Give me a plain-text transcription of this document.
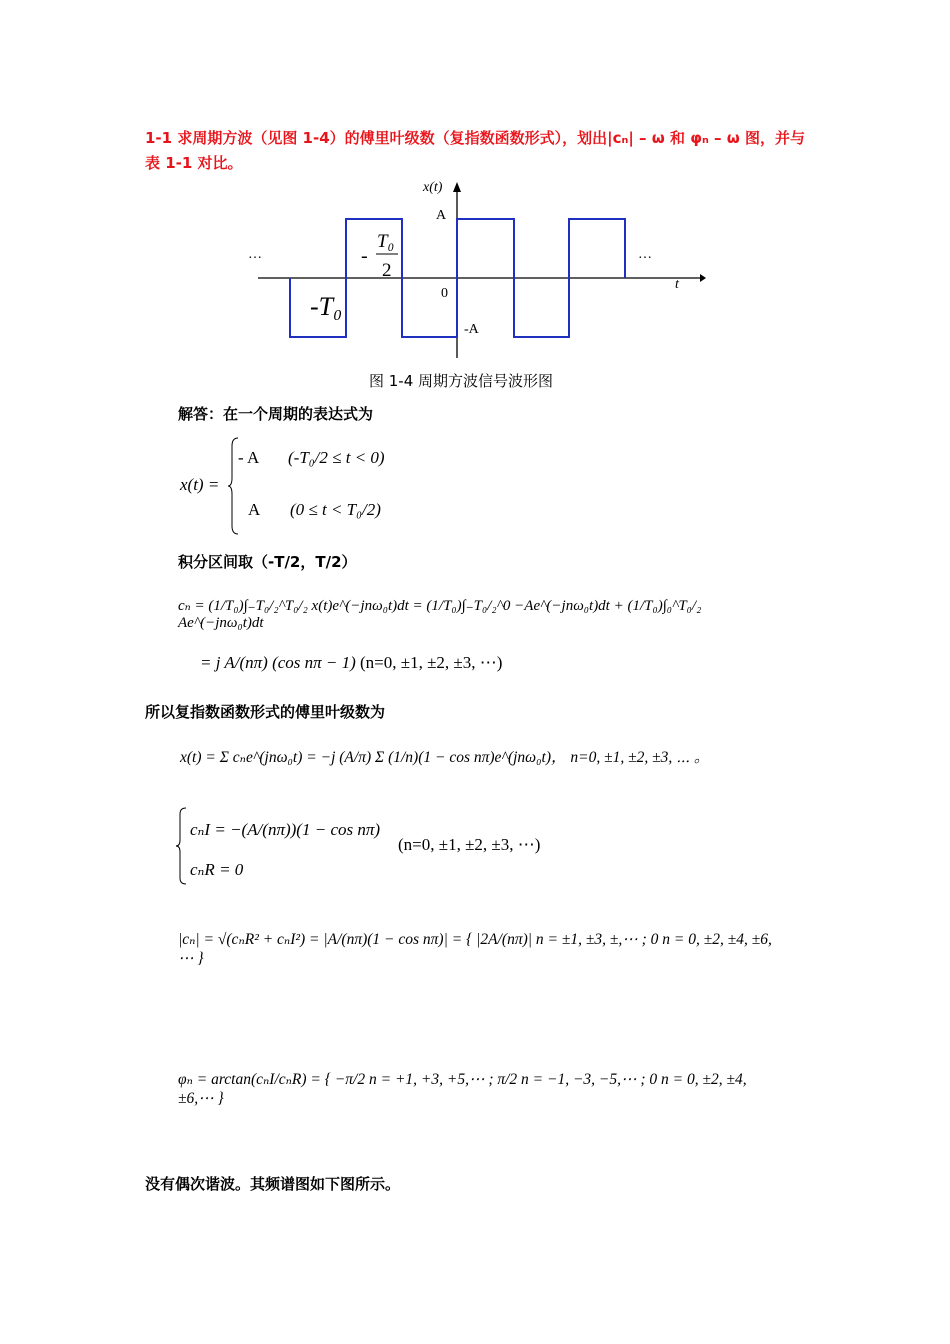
1-1 求周期方波（见图 1-4）的傅里叶级数（复指数函数形式），划出|cₙ| – ω 和 φₙ – ω 图，并与
表 1-1 对比。
x(t)
A
-A
0
t
…	…
-T₀
-
T₀
2
图 1-4 周期方波信号波形图
解答：在一个周期的表达式为
x(t) =
- A (-T₀/2 ≤ t < 0)
A (0 ≤ t < T₀/2)
积分区间取（-T/2，T/2）
cₙ = (1/T₀)∫₋T₀/₂^T₀/₂ x(t)e^(−jnω₀t)dt = (1/T₀)∫₋T₀/₂^0 −Ae^(−jnω₀t)dt + (1/T₀)∫₀^T₀/₂ Ae^(−jnω₀t)dt
= j A/(nπ) (cos nπ − 1) (n=0, ±1, ±2, ±3, ⋯)
所以复指数函数形式的傅里叶级数为
x(t) = Σ cₙe^(jnω₀t) = −j (A/π) Σ (1/n)(1 − cos nπ)e^(jnω₀t)， n=0, ±1, ±2, ±3, ⋯ 。
cₙI = −(A/(nπ))(1 − cos nπ)
(n=0, ±1, ±2, ±3, ⋯)
cₙR = 0
|cₙ| = √(cₙR² + cₙI²) = |A/(nπ)(1 − cos nπ)| = { |2A/(nπ)| n = ±1, ±3, ±,⋯ ; 0 n = 0, ±2, ±4, ±6, ⋯ }
φₙ = arctan(cₙI/cₙR) = { −π/2 n = +1, +3, +5,⋯ ; π/2 n = −1, −3, −5,⋯ ; 0 n = 0, ±2, ±4, ±6,⋯ }
没有偶次谐波。其频谱图如下图所示。
